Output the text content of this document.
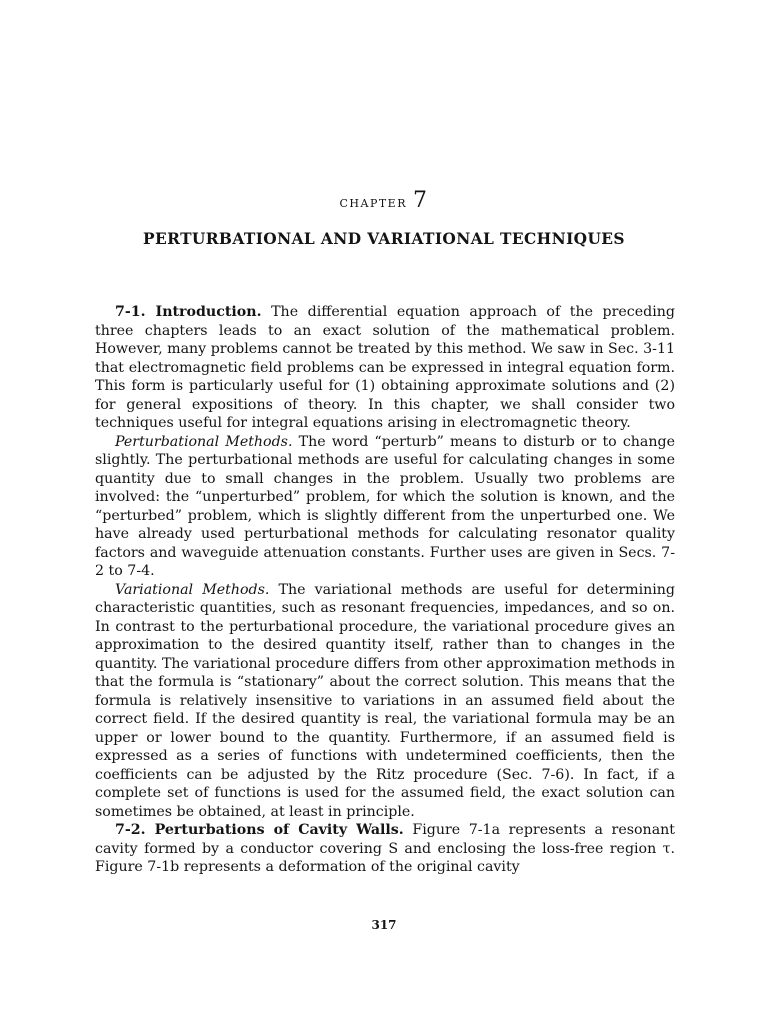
chapter 7
PERTURBATIONAL AND VARIATIONAL TECHNIQUES

7-1. Introduction. The differential equation approach of the preceding three chapters leads to an exact solution of the mathematical problem. However, many problems cannot be treated by this method. We saw in Sec. 3-11 that electromagnetic field problems can be expressed in integral equation form. This form is particularly useful for (1) obtaining approximate solutions and (2) for general expositions of theory. In this chapter, we shall consider two techniques useful for integral equations arising in electromagnetic theory.

Perturbational Methods. The word “perturb” means to disturb or to change slightly. The perturbational methods are useful for calculating changes in some quantity due to small changes in the problem. Usually two problems are involved: the “unperturbed” problem, for which the solution is known, and the “perturbed” problem, which is slightly different from the unperturbed one. We have already used perturbational methods for calculating resonator quality factors and waveguide attenuation constants. Further uses are given in Secs. 7-2 to 7-4.

Variational Methods. The variational methods are useful for determining characteristic quantities, such as resonant frequencies, impedances, and so on. In contrast to the perturbational procedure, the variational procedure gives an approximation to the desired quantity itself, rather than to changes in the quantity. The variational procedure differs from other approximation methods in that the formula is “stationary” about the correct solution. This means that the formula is relatively insensitive to variations in an assumed field about the correct field. If the desired quantity is real, the variational formula may be an upper or lower bound to the quantity. Furthermore, if an assumed field is expressed as a series of functions with undetermined coefficients, then the coefficients can be adjusted by the Ritz procedure (Sec. 7-6). In fact, if a complete set of functions is used for the assumed field, the exact solution can sometimes be obtained, at least in principle.

7-2. Perturbations of Cavity Walls. Figure 7-1a represents a resonant cavity formed by a conductor covering S and enclosing the loss-free region τ. Figure 7-1b represents a deformation of the original cavity

317
